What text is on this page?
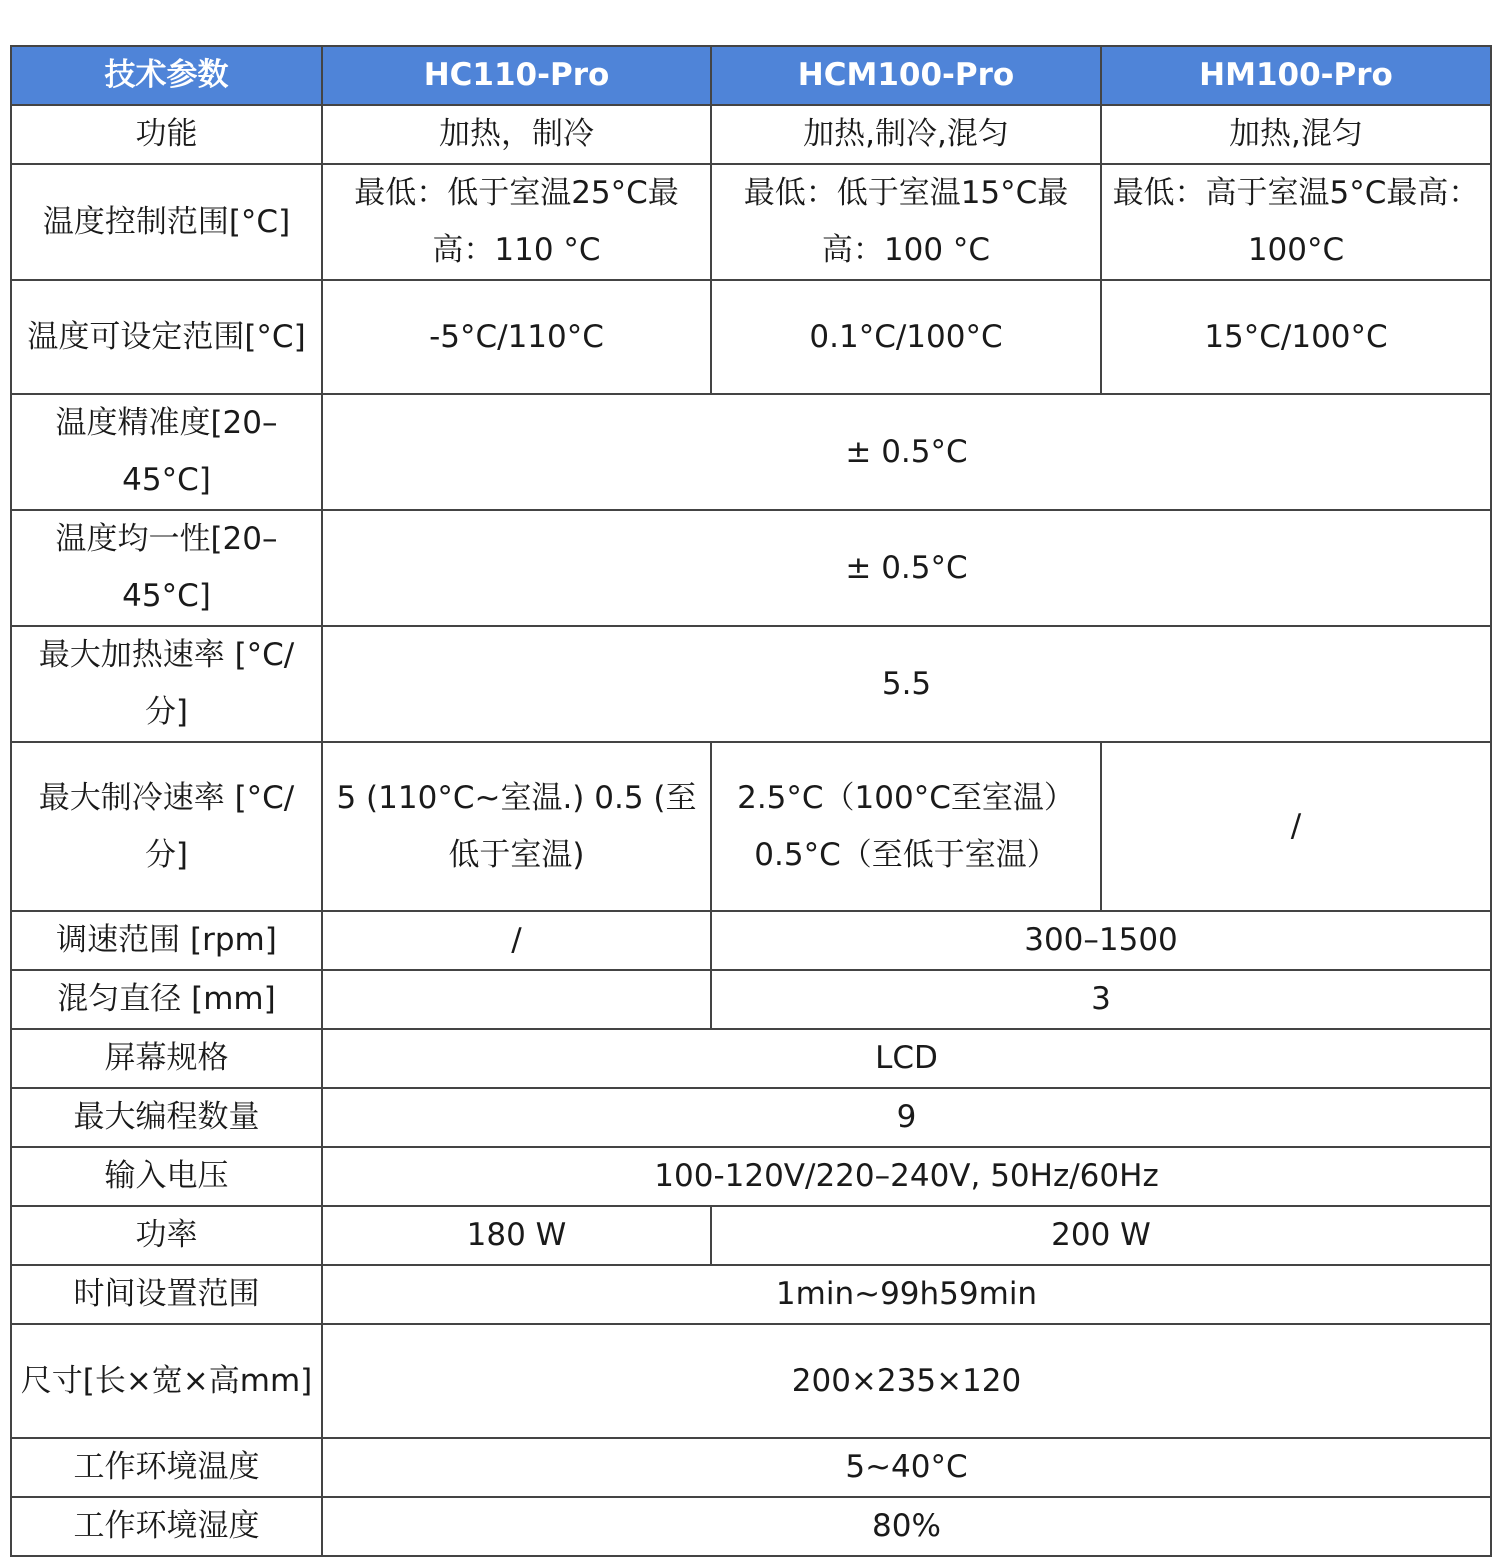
技术参数	HC110-Pro	HCM100-Pro	HM100-Pro
功能	加热，制冷	加热,制冷,混匀	加热,混匀
温度控制范围[°C]	最低：低于室温25°C最高：110 °C	最低：低于室温15°C最高：100 °C	最低：高于室温5°C最高：100°C
温度可设定范围[°C]	-5°C/110°C	0.1°C/100°C	15°C/100°C
温度精准度[20–45°C]	± 0.5°C		
温度均一性[20–45°C]	± 0.5°C		
最大加热速率 [°C/分]	5.5		
最大制冷速率 [°C/分]	5 (110°C~室温.) 0.5 (至低于室温)	2.5°C（100°C至室温）0.5°C（至低于室温）	/
调速范围 [rpm]	/	300–1500	
混匀直径 [mm]		3	
屏幕规格	LCD		
最大编程数量	9		
输入电压	100-120V/220–240V, 50Hz/60Hz		
功率	180 W	200 W	
时间设置范围	1min~99h59min		
尺寸[长×宽×高mm]	200×235×120		
工作环境温度	5~40°C		
工作环境湿度	80%		
